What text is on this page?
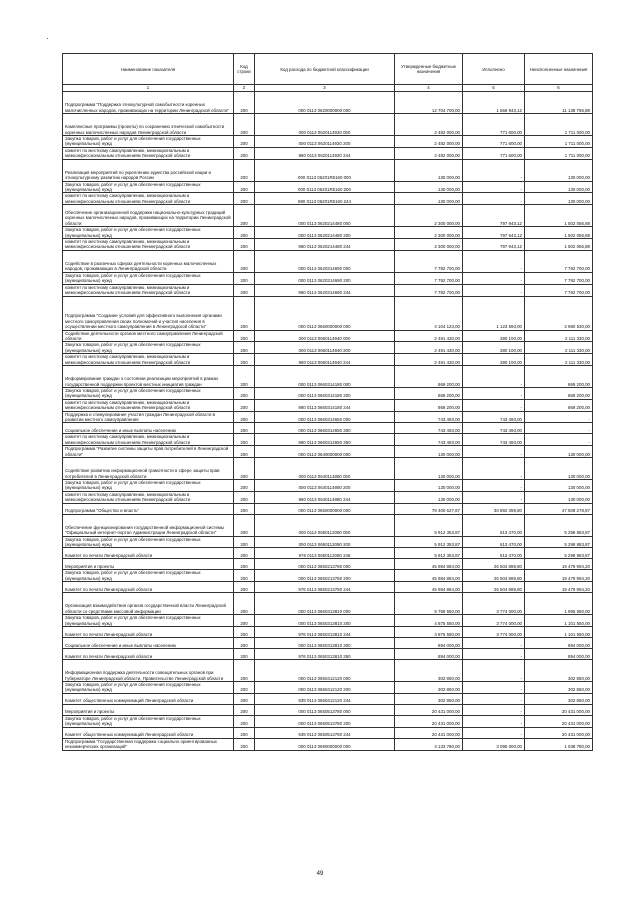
Наименование показателя	Код строки	Код расхода по бюджетной классификации	Утвержденные бюджетные назначения	Исполнено	Неисполненные назначения
1	2	3	4	5	6
Подпрограмма "Поддержка этнокультурной самобытности коренных малочисленных народов, проживающих на территории Ленинградской области"	200	000 0113 0620000000 000	12 704 700,00	1 666 943,12	11 138 756,88
Комплексные программы (проекты) по сохранению этнической самобытности коренных малочисленных народов Ленинградской области	200	000 0113 0620114920 000	2 482 000,00	771 600,00	1 711 000,00
Закупка товаров, работ и услуг для обеспечения государственных (муниципальных) нужд	200	000 0113 0620114920 200	2 482 000,00	771 600,00	1 711 000,00
комитет по местному самоуправлению, межнациональным и межконфессиональным отношениям Ленинградской области	200	980 0113 0620114920 244	2 482 000,00	771 600,00	1 711 000,00
Реализация мероприятий по укреплению единства российской нации и этнокультурному развитию народов России	200	000 0113 06201R5160 000	130 000,00	-	130 000,00
Закупка товаров, работ и услуг для обеспечения государственных (муниципальных) нужд	200	000 0113 06201R5160 200	130 000,00	-	130 000,00
комитет по местному самоуправлению, межнациональным и межконфессиональным отношениям Ленинградской области	200	980 0113 06201R5160 244	130 000,00	-	130 000,00
Обеспечение организационной поддержки национально-культурных традиций коренных малочисленных народов, проживающих на территории Ленинградской области	200	000 0113 0620214480 000	2 300 000,00	797 943,12	1 502 056,88
Закупка товаров, работ и услуг для обеспечения государственных (муниципальных) нужд	200	000 0113 0620214480 200	2 300 000,00	797 943,12	1 502 056,88
комитет по местному самоуправлению, межнациональным и межконфессиональным отношениям Ленинградской области	200	980 0113 0620214480 244	2 300 000,00	797 943,12	1 502 056,88
Содействие в различных сферах деятельности коренных малочисленных народов, проживающих в Ленинградской области	200	000 0113 0620314690 000	7 792 700,00	-	7 792 700,00
Закупка товаров, работ и услуг для обеспечения государственных (муниципальных) нужд	200	000 0113 0620314690 200	7 792 700,00	-	7 792 700,00
комитет по местному самоуправлению, межнациональным и межконфессиональным отношениям Ленинградской области	200	980 0113 0620314690 244	7 792 700,00	-	7 792 700,00
Подпрограмма "Создание условий для эффективного выполнения органами местного самоуправления своих полномочий и участия населения в осуществлении местного самоуправления в Ленинградской области"	200	000 0113 0660000000 000	4 104 123,00	1 123 593,00	2 980 530,00
Содействие деятельности органов местного самоуправления Ленинградской области	200	000 0113 0660114940 000	2 491 430,00	380 100,00	2 111 330,00
Закупка товаров, работ и услуг для обеспечения государственных (муниципальных) нужд	200	000 0113 0660114940 200	2 491 430,00	380 100,00	2 111 330,00
комитет по местному самоуправлению, межнациональным и межконфессиональным отношениям Ленинградской области	200	980 0113 0660114940 244	2 491 430,00	380 100,00	2 111 330,00
Информирование граждан о состоянии реализации мероприятий в рамках государственной поддержки проектов местных инициатив граждан	200	000 0113 0660314180 000	869 200,00	-	869 200,00
Закупка товаров, работ и услуг для обеспечения государственных (муниципальных) нужд	200	000 0113 0660314180 200	869 200,00	-	869 200,00
комитет по местному самоуправлению, межнациональным и межконфессиональным отношениям Ленинградской области	200	980 0113 0660314180 244	869 200,00	-	869 200,00
Поддержка и стимулирование участия граждан Ленинградской области в развитии местного самоуправления	200	000 0113 0660314650 000	743 493,00	743 493,00	-
Социальное обеспечение и иные выплаты населению	200	000 0113 0660314650 300	743 493,00	743 493,00	-
комитет по местному самоуправлению, межнациональным и межконфессиональным отношениям Ленинградской области	200	980 0113 0660314650 350	743 493,00	743 493,00	-
Подпрограмма "Развитие системы защиты прав потребителей в Ленинградской области"	200	000 0113 0640000000 000	130 000,00	-	130 000,00
Содействие развитию информационной грамотности в сфере защиты прав потребителей в Ленинградской области	200	000 0113 0640114880 000	130 000,00	-	130 000,00
Закупка товаров, работ и услуг для обеспечения государственных (муниципальных) нужд	200	000 0113 0640114880 200	130 000,00	-	130 000,00
комитет по местному самоуправлению, межнациональным и межконфессиональным отношениям Ленинградской области	200	980 0113 0640114880 244	130 000,00	-	130 000,00
Подпрограмма "Общество и власть"	200	000 0113 0650000000 000	78 400 627,67	30 892 359,80	47 508 278,87
Обеспечение функционирования государственной информационной системы "Официальный интернет-портал Администрации Ленинградской области"	200	000 0113 0650112080 000	5 912 353,87	613 470,00	5 298 883,87
Закупка товаров, работ и услуг для обеспечения государственных (муниципальных) нужд	200	000 0113 0650112080 200	5 912 353,87	613 470,00	5 298 883,87
Комитет по печати Ленинградской области	200	976 0113 0650112080 246	5 912 353,87	613 470,00	5 298 883,87
Мероприятия и проекты	200	000 0113 0650213780 000	45 984 884,00	26 504 889,80	19 479 994,20
Закупка товаров, работ и услуг для обеспечения государственных (муниципальных) нужд	200	000 0113 0650213780 200	45 984 884,00	26 504 889,80	19 479 994,20
Комитет по печати Ленинградской области	200	976 0113 0650213780 244	45 984 884,00	26 504 889,80	19 479 994,20
Организация взаимодействия органов государственной власти Ленинградской области со средствами массовой информации	200	000 0113 0650313810 000	5 769 550,00	3 774 000,00	1 995 550,00
Закупка товаров, работ и услуг для обеспечения государственных (муниципальных) нужд	200	000 0113 0650313810 200	4 875 550,00	3 774 000,00	1 101 550,00
Комитет по печати Ленинградской области	200	976 0113 0650313810 244	4 875 550,00	3 774 000,00	1 101 550,00
Социальное обеспечение и иные выплаты населению	200	000 0113 0650313810 300	894 000,00	-	894 000,00
Комитет по печати Ленинградской области	200	976 0113 0650313810 350	894 000,00	-	894 000,00
Информационная поддержка деятельности совещательных органов при Губернаторе Ленинградской области, Правительстве Ленинградской области	200	000 0113 0650412120 000	302 850,00	-	302 850,00
Закупка товаров, работ и услуг для обеспечения государственных (муниципальных) нужд	200	000 0113 0650412120 200	302 850,00	-	302 850,00
Комитет общественных коммуникаций Ленинградской области	200	939 0113 0650412120 244	302 850,00	-	302 850,00
Мероприятия и проекты	200	000 0113 0650513780 000	20 431 000,00	-	20 431 000,00
Закупка товаров, работ и услуг для обеспечения государственных (муниципальных) нужд	200	000 0113 0650513780 200	20 431 000,00	-	20 431 000,00
Комитет общественных коммуникаций Ленинградской области	200	939 0113 0650513780 244	20 431 000,00	-	20 431 000,00
Подпрограмма "Государственная поддержка социально ориентированных некоммерческих организаций"	200	000 0113 0690000000 000	4 133 780,00	3 095 000,00	1 038 780,00
49
